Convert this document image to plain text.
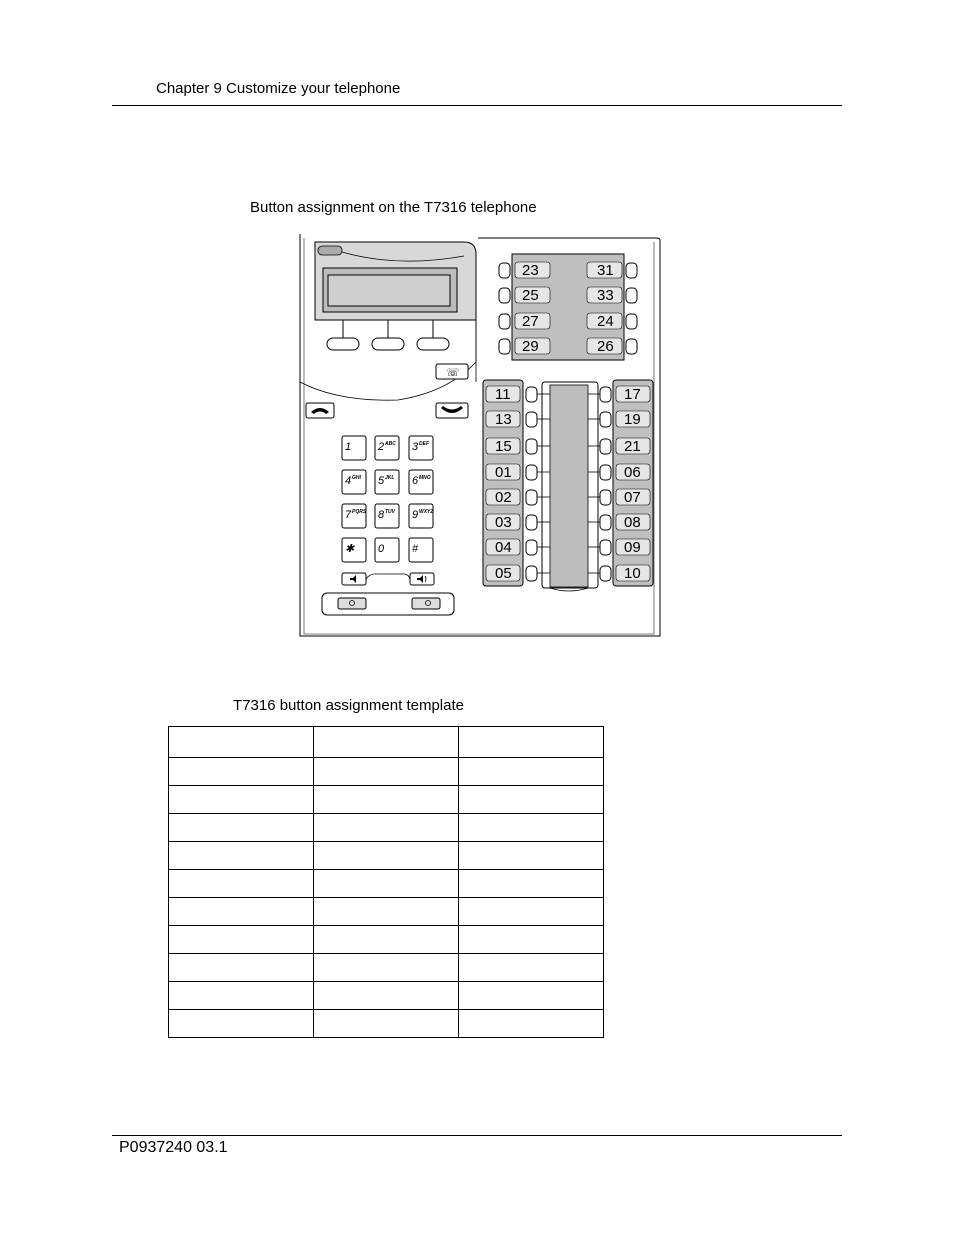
Chapter 9 Customize your telephone
Button assignment on the T7316 telephone
☏
1 2 ABC 3 DEF
4 GHI 5 JKL 6 MNO
7 PQRS 8 TUV 9 WXYZ
✱ 0	#
23
25
27
29
31
33
24
26
11
13
15
01
02
03
04
05
17
19
21
06
07
08
09
10
T7316 button assignment template

P0937240 03.1
